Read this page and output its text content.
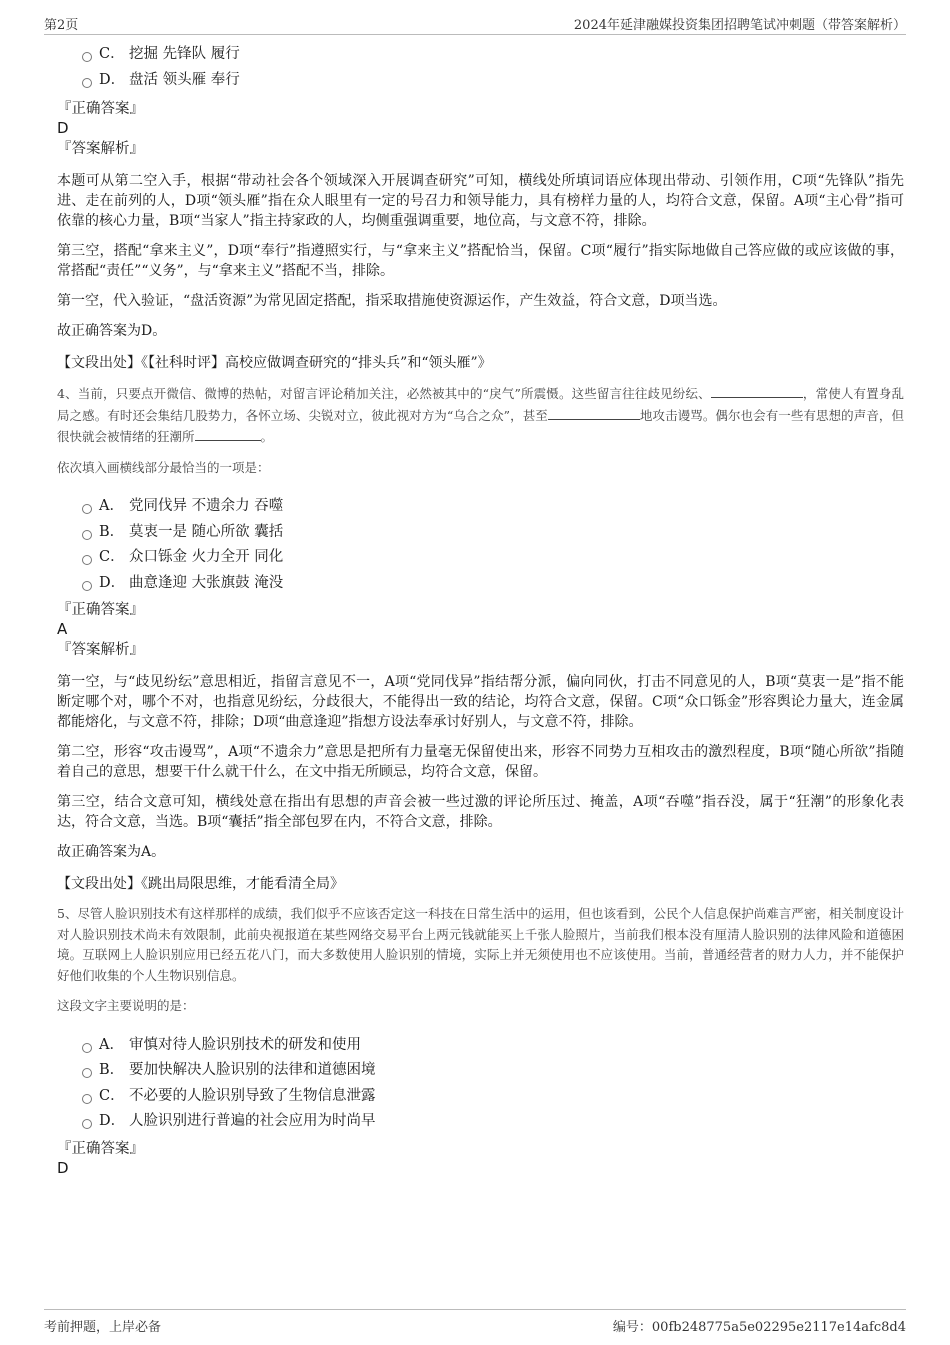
第2页	2024年延津融媒投资集团招聘笔试冲刺题（带答案解析）
C． 挖掘 先锋队 履行
D． 盘活 领头雁 奉行
『正确答案』
D
『答案解析』

本题可从第二空入手，根据“带动社会各个领域深入开展调查研究”可知，横线处所填词语应体现出带动、引领作用，C项“先锋队”指先进、走在前列的人，D项“领头雁”指在众人眼里有一定的号召力和领导能力，具有榜样力量的人，均符合文意，保留。A项“主心骨”指可依靠的核心力量，B项“当家人”指主持家政的人，均侧重强调重要，地位高，与文意不符，排除。

第三空，搭配“拿来主义”，D项“奉行”指遵照实行，与“拿来主义”搭配恰当，保留。C项“履行”指实际地做自己答应做的或应该做的事，常搭配“责任”“义务”，与“拿来主义”搭配不当，排除。

第一空，代入验证，“盘活资源”为常见固定搭配，指采取措施使资源运作，产生效益，符合文意，D项当选。

故正确答案为D。

【文段出处】《【社科时评】高校应做调查研究的“排头兵”和“领头雁”》

4、当前，只要点开微信、微博的热帖，对留言评论稍加关注，必然被其中的“戾气”所震慑。这些留言往往歧见纷纭、	，常使人有置身乱局之感。有时还会集结几股势力，各怀立场、尖锐对立，彼此视对方为“乌合之众”，甚至	地攻击谩骂。偶尔也会有一些有思想的声音，但很快就会被情绪的狂潮所	。

依次填入画横线部分最恰当的一项是：

A． 党同伐异 不遗余力 吞噬
B． 莫衷一是 随心所欲 囊括
C． 众口铄金 火力全开 同化
D． 曲意逢迎 大张旗鼓 淹没
『正确答案』
A
『答案解析』

第一空，与“歧见纷纭”意思相近，指留言意见不一，A项“党同伐异”指结帮分派，偏向同伙，打击不同意见的人，B项“莫衷一是”指不能断定哪个对，哪个不对，也指意见纷纭，分歧很大，不能得出一致的结论，均符合文意，保留。C项“众口铄金”形容舆论力量大，连金属都能熔化，与文意不符，排除；D项“曲意逢迎”指想方设法奉承讨好别人，与文意不符，排除。

第二空，形容“攻击谩骂”，A项“不遗余力”意思是把所有力量毫无保留使出来，形容不同势力互相攻击的激烈程度，B项“随心所欲”指随着自己的意思，想要干什么就干什么，在文中指无所顾忌，均符合文意，保留。

第三空，结合文意可知，横线处意在指出有思想的声音会被一些过激的评论所压过、掩盖，A项“吞噬”指吞没，属于“狂潮”的形象化表达，符合文意，当选。B项“囊括”指全部包罗在内，不符合文意，排除。

故正确答案为A。

【文段出处】《跳出局限思维，才能看清全局》

5、尽管人脸识别技术有这样那样的成绩，我们似乎不应该否定这一科技在日常生活中的运用，但也该看到，公民个人信息保护尚难言严密，相关制度设计对人脸识别技术尚未有效限制，此前央视报道在某些网络交易平台上两元钱就能买上千张人脸照片，当前我们根本没有厘清人脸识别的法律风险和道德困境。互联网上人脸识别应用已经五花八门，而大多数使用人脸识别的情境，实际上并无须使用也不应该使用。当前，普通经营者的财力人力，并不能保护好他们收集的个人生物识别信息。

这段文字主要说明的是：

A． 审慎对待人脸识别技术的研发和使用
B． 要加快解决人脸识别的法律和道德困境
C． 不必要的人脸识别导致了生物信息泄露
D． 人脸识别进行普遍的社会应用为时尚早
『正确答案』
D
考前押题，上岸必备	编号：00fb248775a5e02295e2117e14afc8d4
